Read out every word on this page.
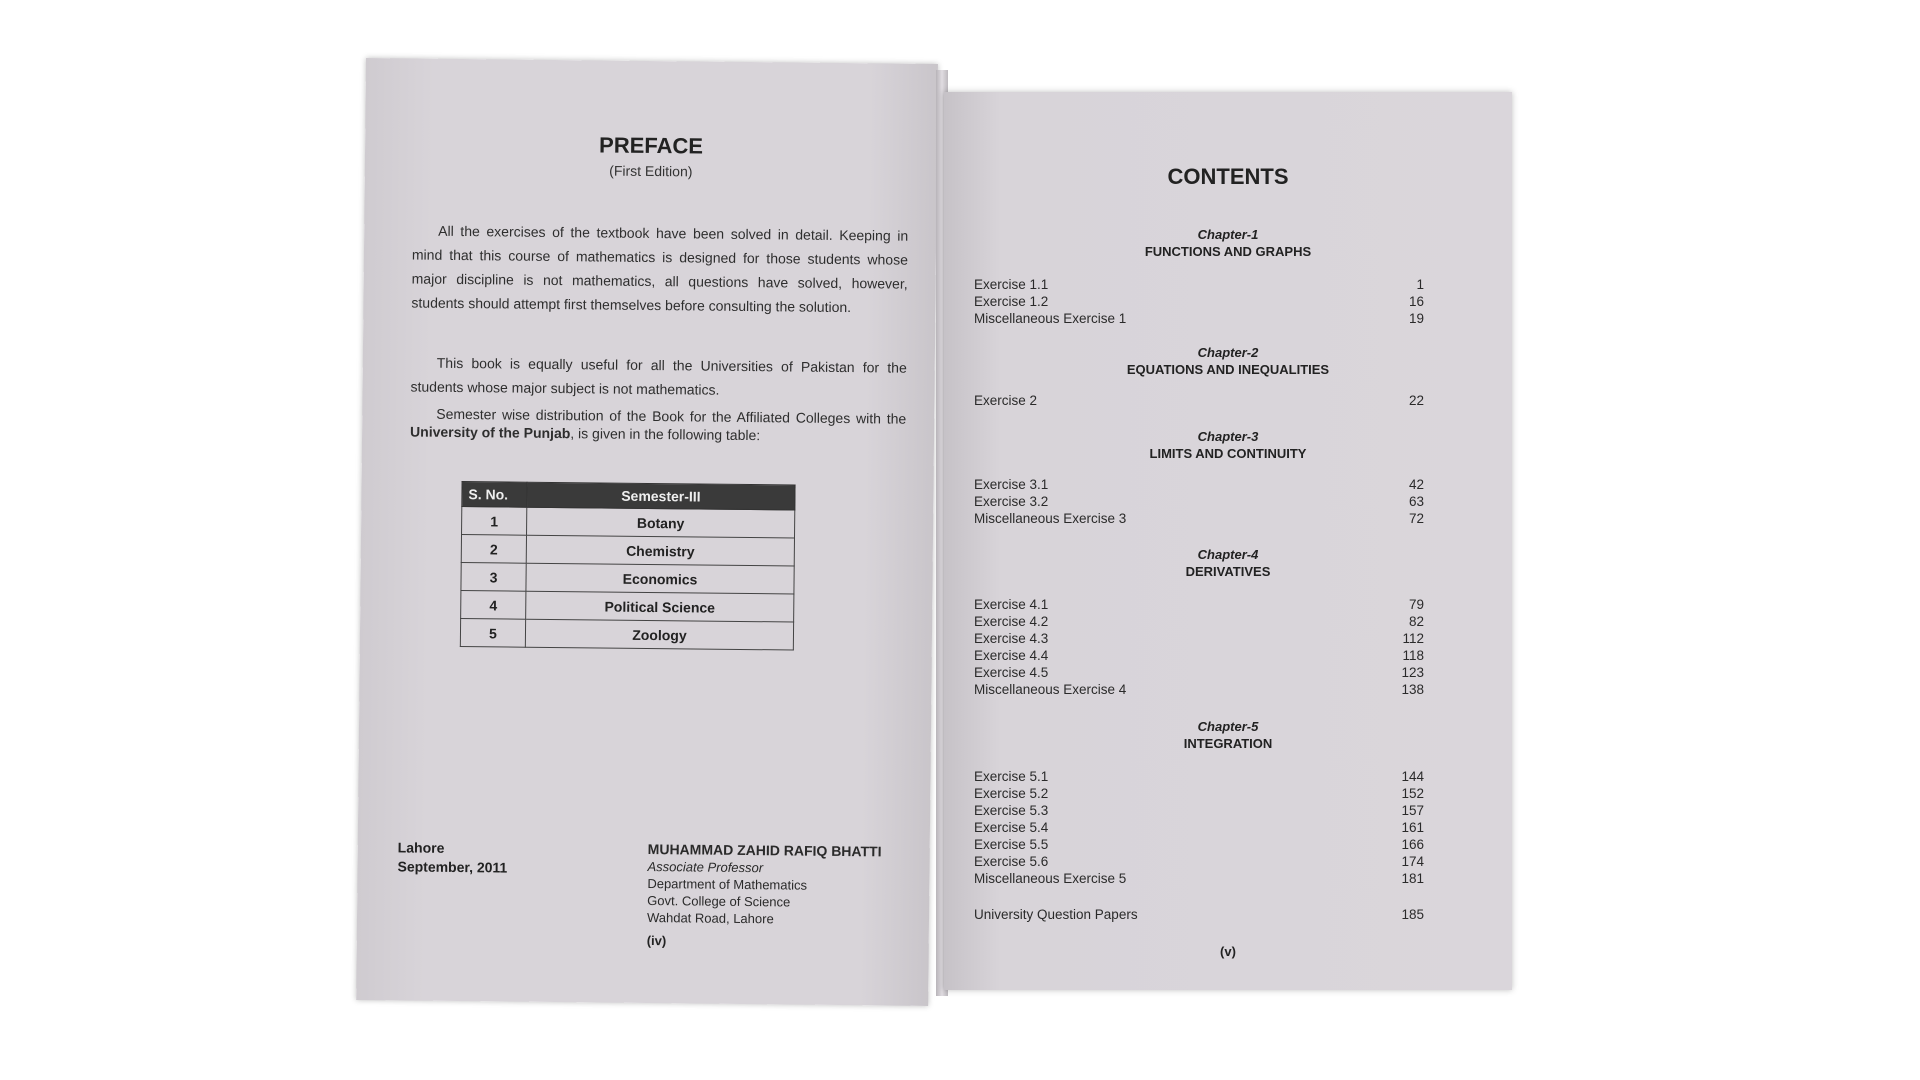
PREFACE
(First Edition)
All the exercises of the textbook have been solved in detail. Keeping in mind that this course of mathematics is designed for those students whose major discipline is not mathematics, all questions have solved, however, students should attempt first themselves before consulting the solution.
This book is equally useful for all the Universities of Pakistan for the students whose major subject is not mathematics.
Semester wise distribution of the Book for the Affiliated Colleges with the University of the Punjab, is given in the following table:
S. No.	Semester-III
1	Botany
2	Chemistry
3	Economics
4	Political Science
5	Zoology
Lahore
September, 2011
MUHAMMAD ZAHID RAFIQ BHATTI
Associate Professor
Department of Mathematics
Govt. College of Science
Wahdat Road, Lahore
(iv)
CONTENTS
Chapter-1
FUNCTIONS AND GRAPHS
Exercise 1.1	1
Exercise 1.2	16
Miscellaneous Exercise 1	19
Chapter-2
EQUATIONS AND INEQUALITIES
Exercise 2	22
Chapter-3
LIMITS AND CONTINUITY
Exercise 3.1	42
Exercise 3.2	63
Miscellaneous Exercise 3	72
Chapter-4
DERIVATIVES
Exercise 4.1	79
Exercise 4.2	82
Exercise 4.3	112
Exercise 4.4	118
Exercise 4.5	123
Miscellaneous Exercise 4	138
Chapter-5
INTEGRATION
Exercise 5.1	144
Exercise 5.2	152
Exercise 5.3	157
Exercise 5.4	161
Exercise 5.5	166
Exercise 5.6	174
Miscellaneous Exercise 5	181
University Question Papers	185
(v)
